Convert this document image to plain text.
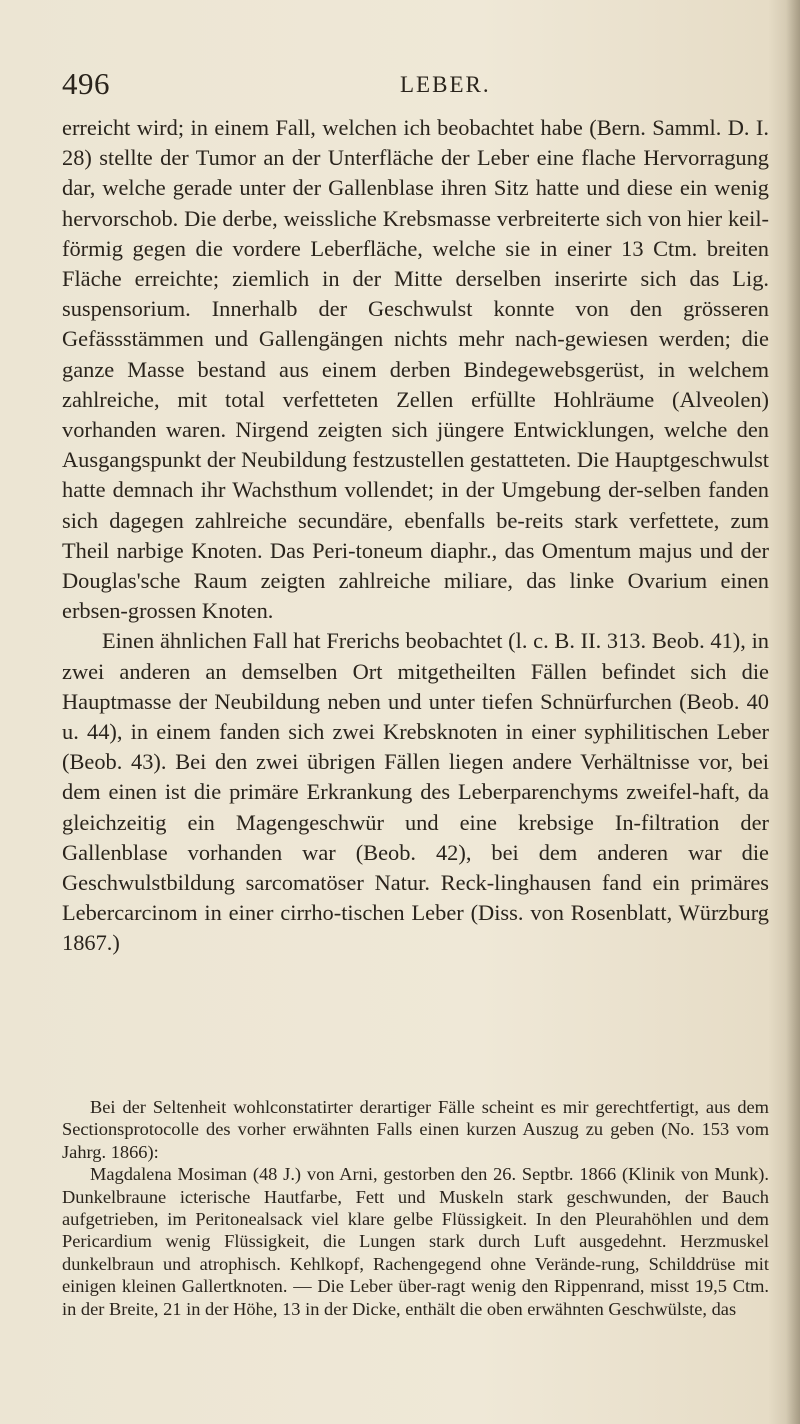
496	LEBER.

erreicht wird; in einem Fall, welchen ich beobachtet habe (Bern. Samml. D. I. 28) stellte der Tumor an der Unterfläche der Leber eine flache Hervorragung dar, welche gerade unter der Gallenblase ihren Sitz hatte und diese ein wenig hervorschob. Die derbe, weissliche Krebsmasse verbreiterte sich von hier keil-förmig gegen die vordere Leberfläche, welche sie in einer 13 Ctm. breiten Fläche erreichte; ziemlich in der Mitte derselben inserirte sich das Lig. suspensorium. Innerhalb der Geschwulst konnte von den grösseren Gefässstämmen und Gallengängen nichts mehr nach-gewiesen werden; die ganze Masse bestand aus einem derben Bindegewebsgerüst, in welchem zahlreiche, mit total verfetteten Zellen erfüllte Hohlräume (Alveolen) vorhanden waren. Nirgend zeigten sich jüngere Entwicklungen, welche den Ausgangspunkt der Neubildung festzustellen gestatteten. Die Hauptgeschwulst hatte demnach ihr Wachsthum vollendet; in der Umgebung der-selben fanden sich dagegen zahlreiche secundäre, ebenfalls be-reits stark verfettete, zum Theil narbige Knoten. Das Peri-toneum diaphr., das Omentum majus und der Douglas'sche Raum zeigten zahlreiche miliare, das linke Ovarium einen erbsen-grossen Knoten.

Einen ähnlichen Fall hat Frerichs beobachtet (l. c. B. II. 313. Beob. 41), in zwei anderen an demselben Ort mitgetheilten Fällen befindet sich die Hauptmasse der Neubildung neben und unter tiefen Schnürfurchen (Beob. 40 u. 44), in einem fanden sich zwei Krebsknoten in einer syphilitischen Leber (Beob. 43). Bei den zwei übrigen Fällen liegen andere Verhältnisse vor, bei dem einen ist die primäre Erkrankung des Leberparenchyms zweifel-haft, da gleichzeitig ein Magengeschwür und eine krebsige In-filtration der Gallenblase vorhanden war (Beob. 42), bei dem anderen war die Geschwulstbildung sarcomatöser Natur. Reck-linghausen fand ein primäres Lebercarcinom in einer cirrho-tischen Leber (Diss. von Rosenblatt, Würzburg 1867.)

Bei der Seltenheit wohlconstatirter derartiger Fälle scheint es mir gerechtfertigt, aus dem Sectionsprotocolle des vorher erwähnten Falls einen kurzen Auszug zu geben (No. 153 vom Jahrg. 1866):

Magdalena Mosiman (48 J.) von Arni, gestorben den 26. Septbr. 1866 (Klinik von Munk). Dunkelbraune icterische Hautfarbe, Fett und Muskeln stark geschwunden, der Bauch aufgetrieben, im Peritonealsack viel klare gelbe Flüssigkeit. In den Pleurahöhlen und dem Pericardium wenig Flüssigkeit, die Lungen stark durch Luft ausgedehnt. Herzmuskel dunkelbraun und atrophisch. Kehlkopf, Rachengegend ohne Verände-rung, Schilddrüse mit einigen kleinen Gallertknoten. — Die Leber über-ragt wenig den Rippenrand, misst 19,5 Ctm. in der Breite, 21 in der Höhe, 13 in der Dicke, enthält die oben erwähnten Geschwülste, das
